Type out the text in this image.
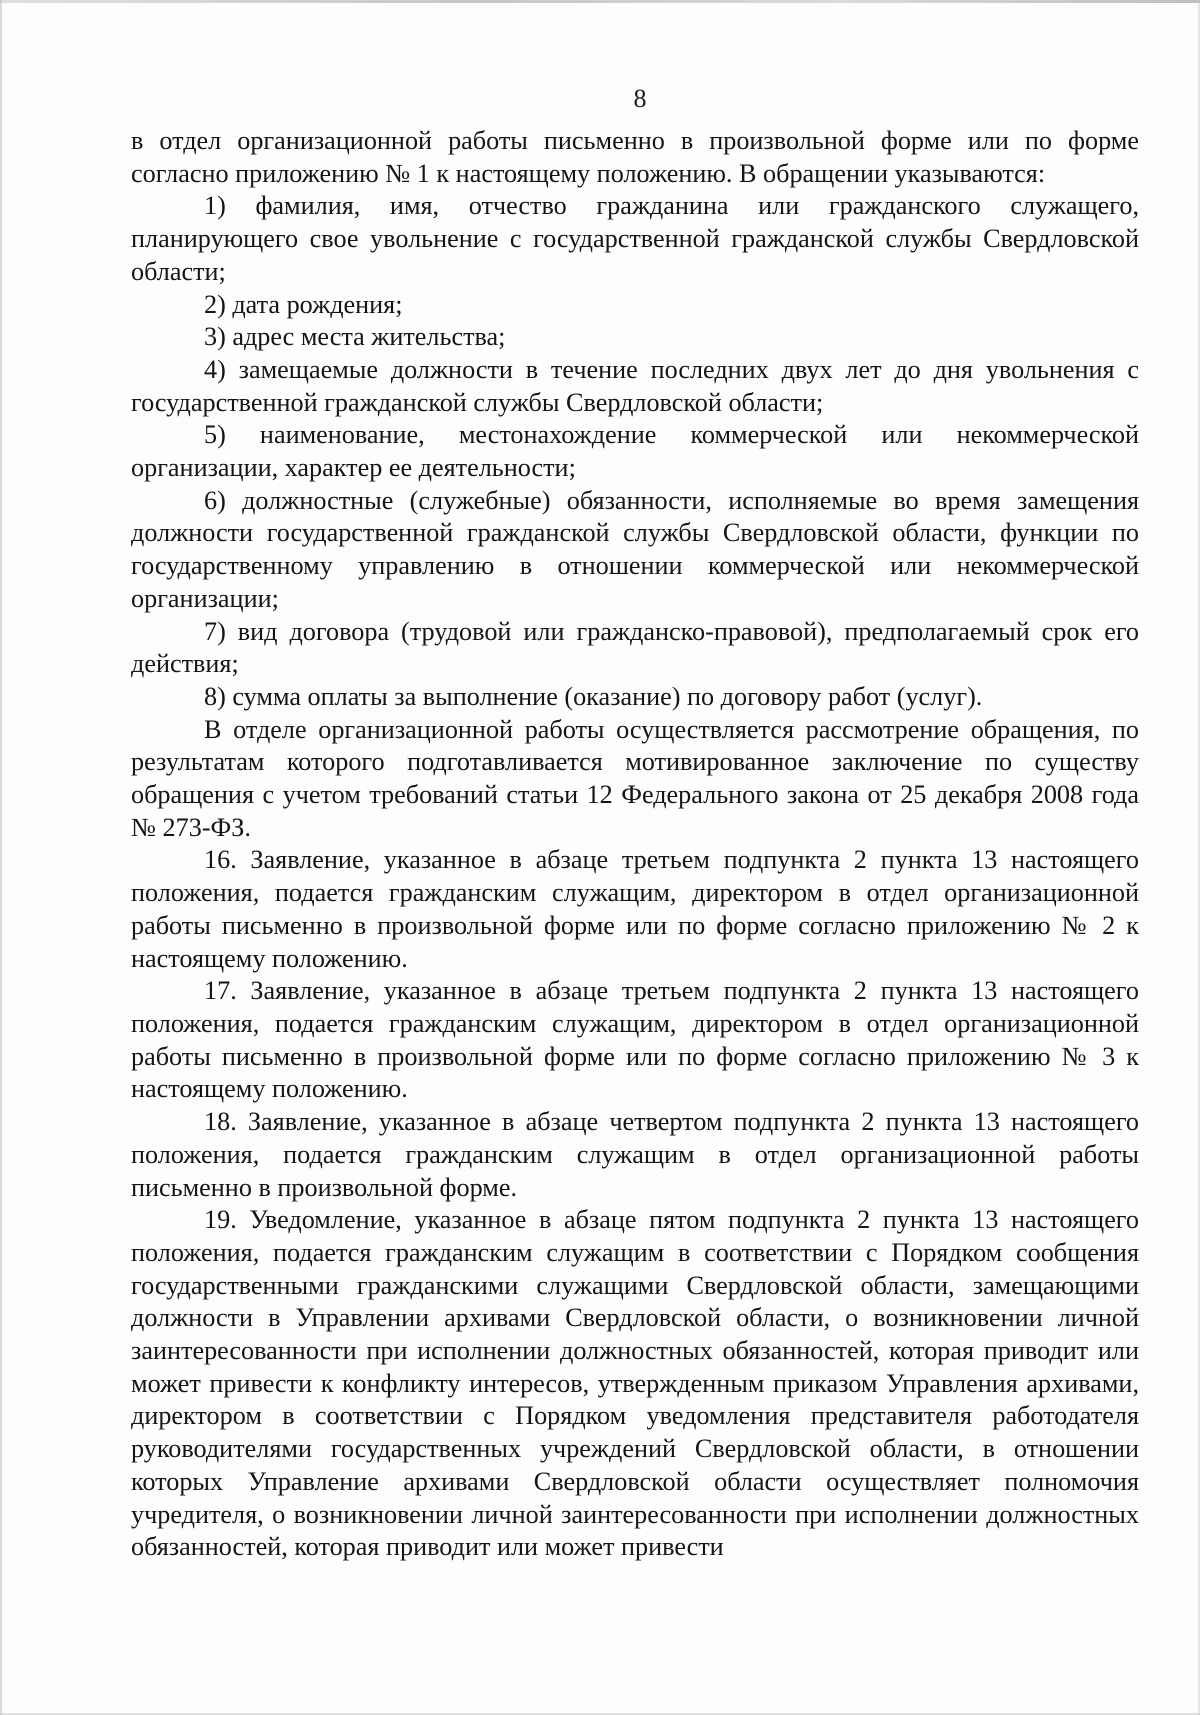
8

в отдел организационной работы письменно в произвольной форме или по форме согласно приложению № 1 к настоящему положению. В обращении указываются:

1) фамилия, имя, отчество гражданина или гражданского служащего, планирующего свое увольнение с государственной гражданской службы Свердловской области;

2) дата рождения;

3) адрес места жительства;

4) замещаемые должности в течение последних двух лет до дня увольнения с государственной гражданской службы Свердловской области;

5) наименование, местонахождение коммерческой или некоммерческой организации, характер ее деятельности;

6) должностные (служебные) обязанности, исполняемые во время замещения должности государственной гражданской службы Свердловской области, функции по государственному управлению в отношении коммерческой или некоммерческой организации;

7) вид договора (трудовой или гражданско-правовой), предполагаемый срок его действия;

8) сумма оплаты за выполнение (оказание) по договору работ (услуг).

В отделе организационной работы осуществляется рассмотрение обращения, по результатам которого подготавливается мотивированное заключение по существу обращения с учетом требований статьи 12 Федерального закона от 25 декабря 2008 года № 273-ФЗ.

16. Заявление, указанное в абзаце третьем подпункта 2 пункта 13 настоящего положения, подается гражданским служащим, директором в отдел организационной работы письменно в произвольной форме или по форме согласно приложению № 2 к настоящему положению.

17. Заявление, указанное в абзаце третьем подпункта 2 пункта 13 настоящего положения, подается гражданским служащим, директором в отдел организационной работы письменно в произвольной форме или по форме согласно приложению № 3 к настоящему положению.

18. Заявление, указанное в абзаце четвертом подпункта 2 пункта 13 настоящего положения, подается гражданским служащим в отдел организационной работы письменно в произвольной форме.

19. Уведомление, указанное в абзаце пятом подпункта 2 пункта 13 настоящего положения, подается гражданским служащим в соответствии с Порядком сообщения государственными гражданскими служащими Свердловской области, замещающими должности в Управлении архивами Свердловской области, о возникновении личной заинтересованности при исполнении должностных обязанностей, которая приводит или может привести к конфликту интересов, утвержденным приказом Управления архивами, директором в соответствии с Порядком уведомления представителя работодателя руководителями государственных учреждений Свердловской области, в отношении которых Управление архивами Свердловской области осуществляет полномочия учредителя, о возникновении личной заинтересованности при исполнении должностных обязанностей, которая приводит или может привести
